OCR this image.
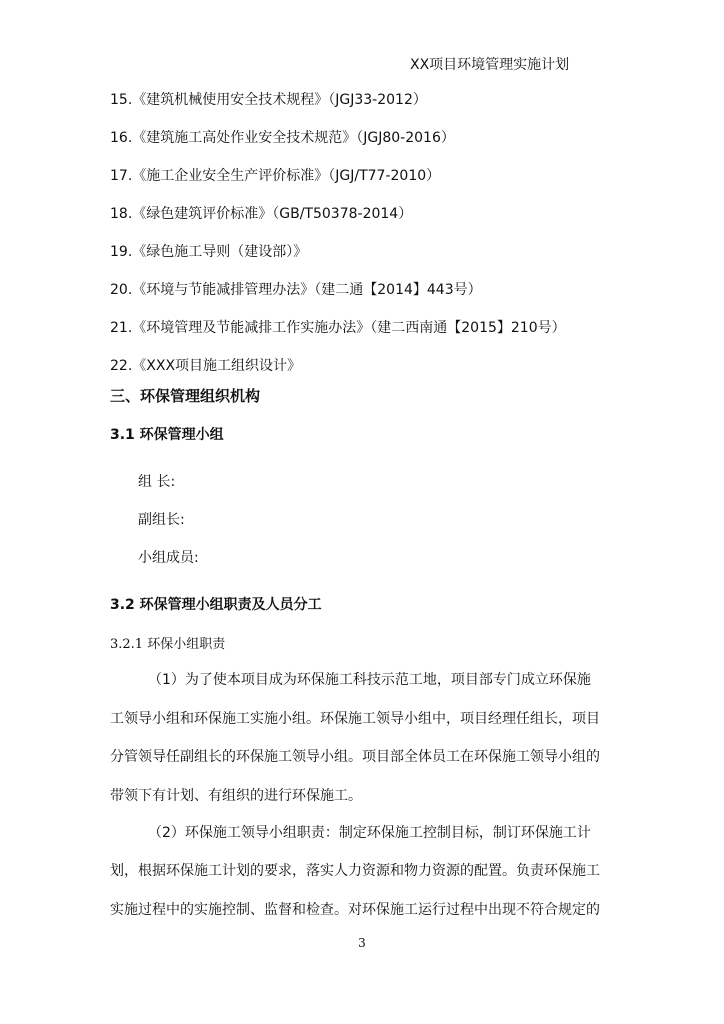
XX项目环境管理实施计划
15.《建筑机械使用安全技术规程》（JGJ33-2012）
16.《建筑施工高处作业安全技术规范》（JGJ80-2016）
17.《施工企业安全生产评价标准》（JGJ/T77-2010）
18.《绿色建筑评价标准》（GB/T50378-2014）
19.《绿色施工导则（建设部）》
20.《环境与节能减排管理办法》（建二通【2014】443号）
21.《环境管理及节能减排工作实施办法》（建二西南通【2015】210号）
22.《XXX项目施工组织设计》
三、环保管理组织机构
3.1 环保管理小组
组 长:
副组长:
小组成员:
3.2 环保管理小组职责及人员分工
3.2.1 环保小组职责
（1）为了使本项目成为环保施工科技示范工地，项目部专门成立环保施
工领导小组和环保施工实施小组。环保施工领导小组中，项目经理任组长，项目
分管领导任副组长的环保施工领导小组。项目部全体员工在环保施工领导小组的
带领下有计划、有组织的进行环保施工。
（2）环保施工领导小组职责：制定环保施工控制目标，制订环保施工计
划，根据环保施工计划的要求，落实人力资源和物力资源的配置。负责环保施工
实施过程中的实施控制、监督和检查。对环保施工运行过程中出现不符合规定的
3
